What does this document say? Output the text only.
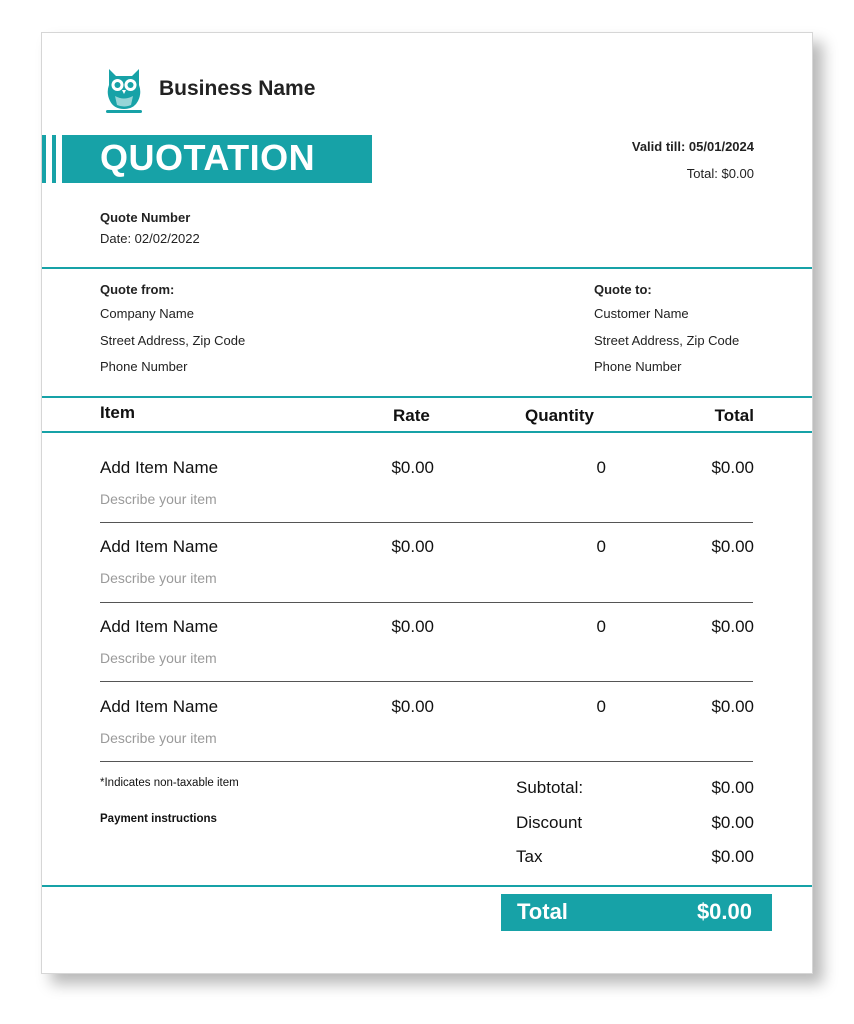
Business Name
QUOTATION	Valid till: 05/01/2024
Total: $0.00
Quote Number
Date: 02/02/2022
Quote from:
Company Name
Street Address, Zip Code
Phone Number
Quote to:
Customer Name
Street Address, Zip Code
Phone Number
Item	Rate	Quantity	Total
Add Item Name	$0.00	0	$0.00
Describe your item
Add Item Name	$0.00	0	$0.00
Describe your item
Add Item Name	$0.00	0	$0.00
Describe your item
Add Item Name	$0.00	0	$0.00
Describe your item
*Indicates non-taxable item
Payment instructions
Subtotal:	$0.00
Discount	$0.00
Tax	$0.00
Total	$0.00
